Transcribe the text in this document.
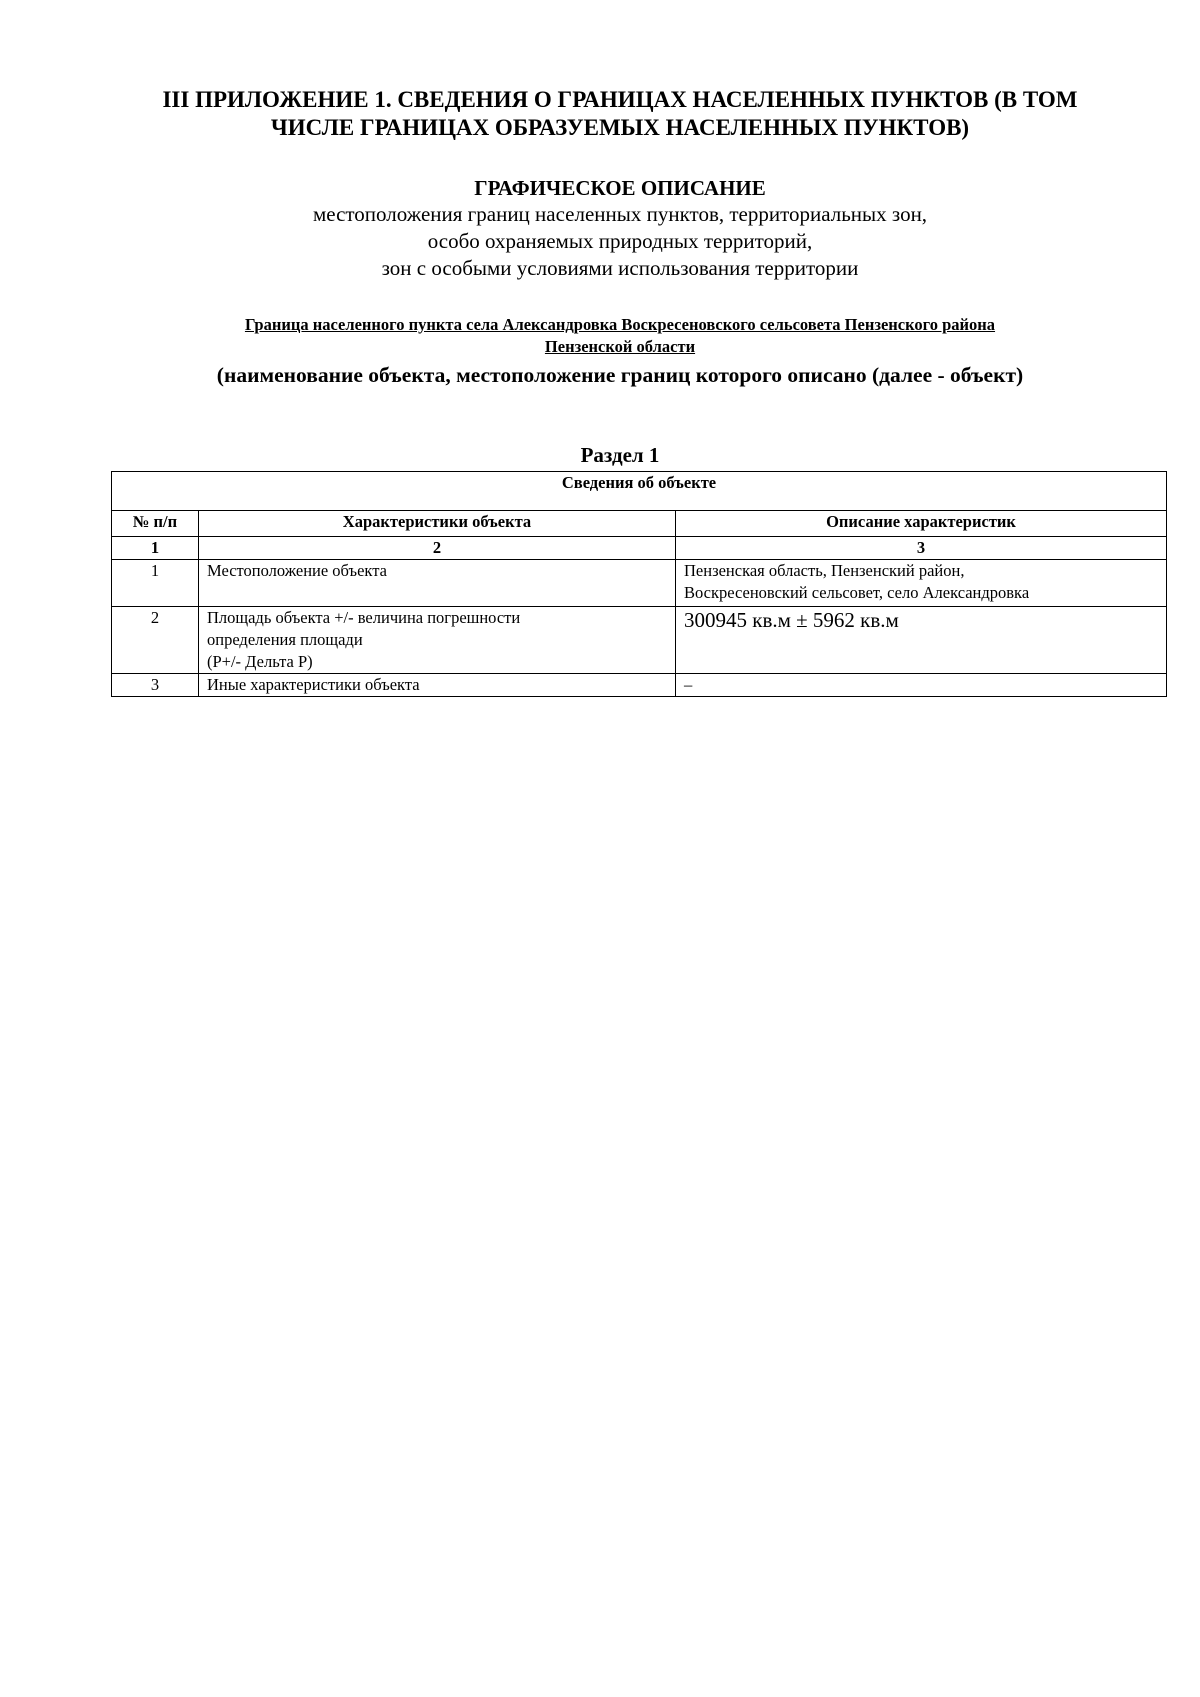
III ПРИЛОЖЕНИЕ 1. СВЕДЕНИЯ О ГРАНИЦАХ НАСЕЛЕННЫХ ПУНКТОВ (В ТОМ
ЧИСЛЕ ГРАНИЦАХ ОБРАЗУЕМЫХ НАСЕЛЕННЫХ ПУНКТОВ)
ГРАФИЧЕСКОЕ ОПИСАНИЕ

местоположения границ населенных пунктов, территориальных зон,
особо охраняемых природных территорий,
зон с особыми условиями использования территории

Граница населенного пункта села Александровка Воскресеновского сельсовета Пензенского района
Пензенской области

(наименование объекта, местоположение границ которого описано (далее - объект)

Раздел 1
Сведения об объекте		
№ п/п	Характеристики объекта	Описание характеристик
1	2	3
1	Местоположение объекта	Пензенская область, Пензенский район,
Воскресеновский сельсовет, село Александровка

2	Площадь объекта +/- величина погрешности
определения площади
(Р+/- Дельта Р)	300945 кв.м ± 5962 кв.м
3	Иные характеристики объекта	–
